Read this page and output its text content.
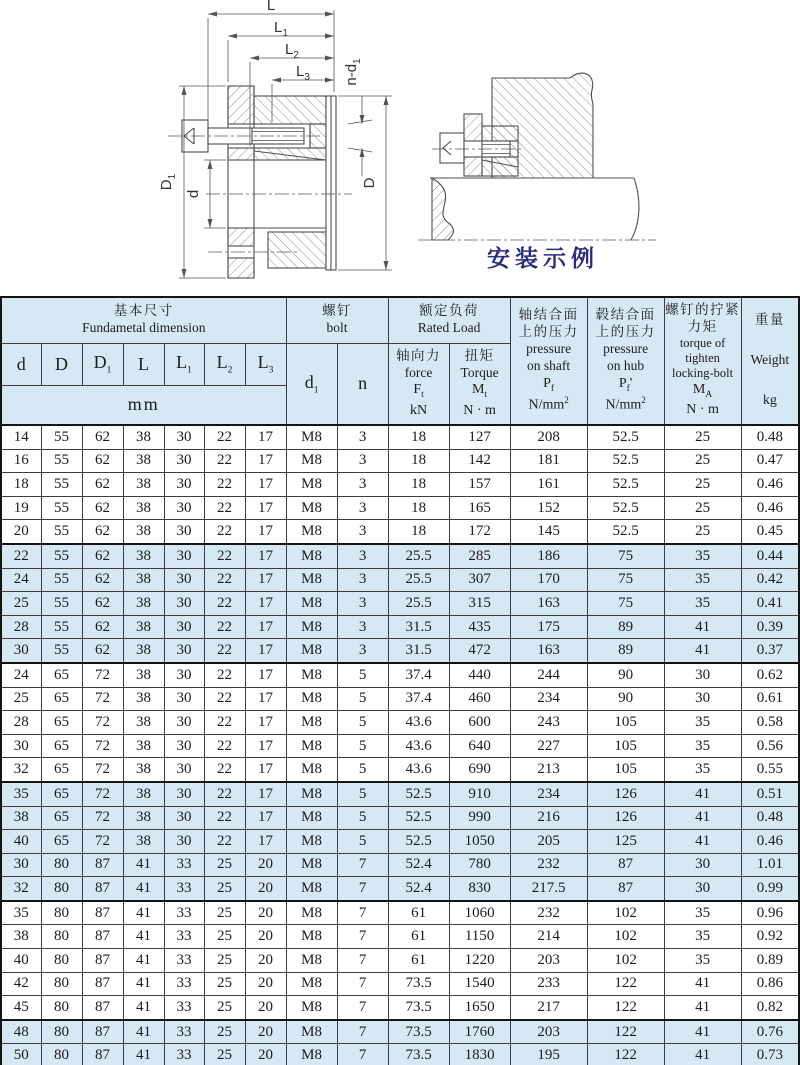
L
$L_1$
$L_2$
$L_3$ $n-d_1$
$D_1$
d
D
安装示例
基本尺寸
Fundametal dimension

螺钉
bolt

额定负荷
Rated Load

轴结合面
上的压力
pressure
on shaft
$P_f$
$N/mm^2$

毂结合面
上的压力
pressure
on hub
$P_f'$
$N/mm^2$

螺钉的拧紧
力矩
torque of
tighten
locking-bolt
$M_A$
N · m

重量
Weight
kg

d	D	$D_1$	L	$L_1$	$L_2$	$L_3$	$d_1$	n	
轴向力
force
$F_t$
kN

扭矩
Torque
$M_t$
N · m

mm														
14	55	62	38	30	22	17	M8	3	18	127	208	52.5	25	0.48
16	55	62	38	30	22	17	M8	3	18	142	181	52.5	25	0.47
18	55	62	38	30	22	17	M8	3	18	157	161	52.5	25	0.46
19	55	62	38	30	22	17	M8	3	18	165	152	52.5	25	0.46
20	55	62	38	30	22	17	M8	3	18	172	145	52.5	25	0.45
22	55	62	38	30	22	17	M8	3	25.5	285	186	75	35	0.44
24	55	62	38	30	22	17	M8	3	25.5	307	170	75	35	0.42
25	55	62	38	30	22	17	M8	3	25.5	315	163	75	35	0.41
28	55	62	38	30	22	17	M8	3	31.5	435	175	89	41	0.39
30	55	62	38	30	22	17	M8	3	31.5	472	163	89	41	0.37
24	65	72	38	30	22	17	M8	5	37.4	440	244	90	30	0.62
25	65	72	38	30	22	17	M8	5	37.4	460	234	90	30	0.61
28	65	72	38	30	22	17	M8	5	43.6	600	243	105	35	0.58
30	65	72	38	30	22	17	M8	5	43.6	640	227	105	35	0.56
32	65	72	38	30	22	17	M8	5	43.6	690	213	105	35	0.55
35	65	72	38	30	22	17	M8	5	52.5	910	234	126	41	0.51
38	65	72	38	30	22	17	M8	5	52.5	990	216	126	41	0.48
40	65	72	38	30	22	17	M8	5	52.5	1050	205	125	41	0.46
30	80	87	41	33	25	20	M8	7	52.4	780	232	87	30	1.01
32	80	87	41	33	25	20	M8	7	52.4	830	217.5	87	30	0.99
35	80	87	41	33	25	20	M8	7	61	1060	232	102	35	0.96
38	80	87	41	33	25	20	M8	7	61	1150	214	102	35	0.92
40	80	87	41	33	25	20	M8	7	61	1220	203	102	35	0.89
42	80	87	41	33	25	20	M8	7	73.5	1540	233	122	41	0.86
45	80	87	41	33	25	20	M8	7	73.5	1650	217	122	41	0.82
48	80	87	41	33	25	20	M8	7	73.5	1760	203	122	41	0.76
50	80	87	41	33	25	20	M8	7	73.5	1830	195	122	41	0.73
